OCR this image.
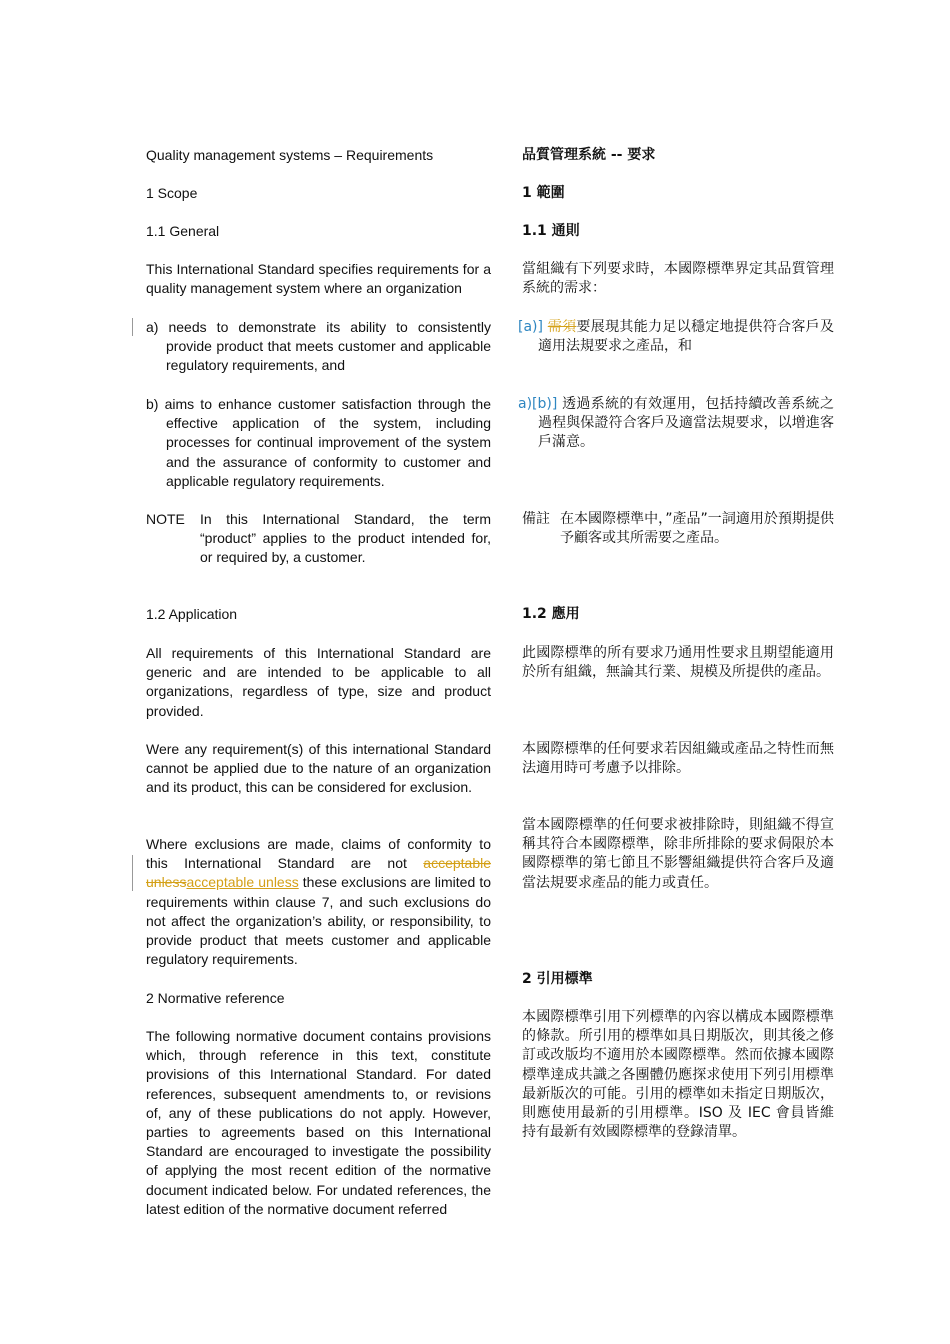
Quality management systems – Requirements
1 Scope
1.1 General
This International Standard specifies requirements for a quality management system where an organization
a) needs to demonstrate its ability to consistently provide product that meets customer and applicable regulatory requirements, and
b) aims to enhance customer satisfaction through the effective application of the system, including processes for continual improvement of the system and the assurance of conformity to customer and applicable regulatory requirements.
NOTE	In this International Standard, the term “product” applies to the product intended for, or required by, a customer.
1.2 Application
All requirements of this International Standard are generic and are intended to be applicable to all organizations, regardless of type, size and product provided.
Were any requirement(s) of this international Standard cannot be applied due to the nature of an organization and its product, this can be considered for exclusion.
Where exclusions are made, claims of conformity to this International Standard are not acceptable unlessacceptable unless these exclusions are limited to requirements within clause 7, and such exclusions do not affect the organization’s ability, or responsibility, to provide product that meets customer and applicable regulatory requirements.
2 Normative reference
The following normative document contains provisions which, through reference in this text, constitute provisions of this International Standard. For dated references, subsequent amendments to, or revisions of, any of these publications do not apply. However, parties to agreements based on this International Standard are encouraged to investigate the possibility of applying the most recent edition of the normative document indicated below. For undated references, the latest edition of the normative document referred
品質管理系統 -- 要求
1 範圍
1.1 通則
當組織有下列要求時，本國際標準界定其品質管理系統的需求：
[a)] 需須要展現其能力足以穩定地提供符合客戶及適用法規要求之產品，和
a)[b)] 透過系統的有效運用，包括持續改善系統之過程與保證符合客戶及適當法規要求，以增進客戶滿意。
備註 在本國際標準中，”產品”一詞適用於預期提供予顧客或其所需要之產品。
1.2 應用
此國際標準的所有要求乃通用性要求且期望能適用於所有組織，無論其行業、規模及所提供的產品。
本國際標準的任何要求若因組織或產品之特性而無法適用時可考慮予以排除。
當本國際標準的任何要求被排除時，則組織不得宣稱其符合本國際標準，除非所排除的要求侷限於本國際標準的第七節且不影響組織提供符合客戶及適當法規要求產品的能力或責任。
2 引用標準
本國際標準引用下列標準的內容以構成本國際標準的條款。所引用的標準如具日期版次，則其後之修訂或改版均不適用於本國際標準。然而依據本國際標準達成共識之各團體仍應探求使用下列引用標準最新版次的可能。引用的標準如未指定日期版次，則應使用最新的引用標準。ISO 及 IEC 會員皆維持有最新有效國際標準的登錄清單。
